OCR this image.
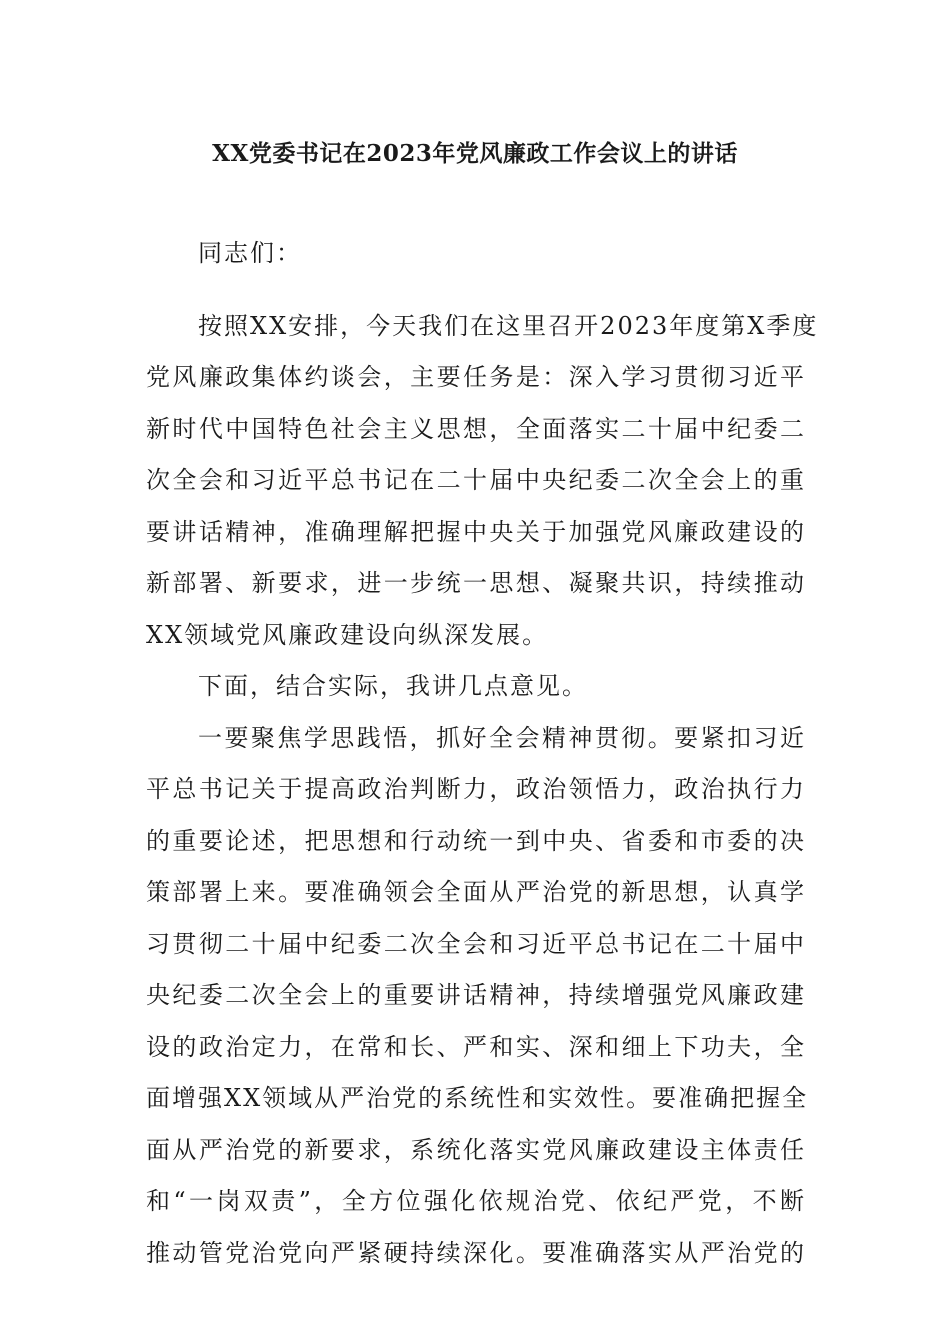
XX党委书记在2023年党风廉政工作会议上的讲话

同志们：

按照XX安排，今天我们在这里召开2023年度第X季度
党风廉政集体约谈会，主要任务是：深入学习贯彻习近平
新时代中国特色社会主义思想，全面落实二十届中纪委二
次全会和习近平总书记在二十届中央纪委二次全会上的重
要讲话精神，准确理解把握中央关于加强党风廉政建设的
新部署、新要求，进一步统一思想、凝聚共识，持续推动
XX领域党风廉政建设向纵深发展。

下面，结合实际，我讲几点意见。

一要聚焦学思践悟，抓好全会精神贯彻。要紧扣习近
平总书记关于提高政治判断力，政治领悟力，政治执行力
的重要论述，把思想和行动统一到中央、省委和市委的决
策部署上来。要准确领会全面从严治党的新思想，认真学
习贯彻二十届中纪委二次全会和习近平总书记在二十届中
央纪委二次全会上的重要讲话精神，持续增强党风廉政建
设的政治定力，在常和长、严和实、深和细上下功夫，全
面增强XX领域从严治党的系统性和实效性。要准确把握全
面从严治党的新要求，系统化落实党风廉政建设主体责任
和“一岗双责”，全方位强化依规治党、依纪严党，不断
推动管党治党向严紧硬持续深化。要准确落实从严治党的
